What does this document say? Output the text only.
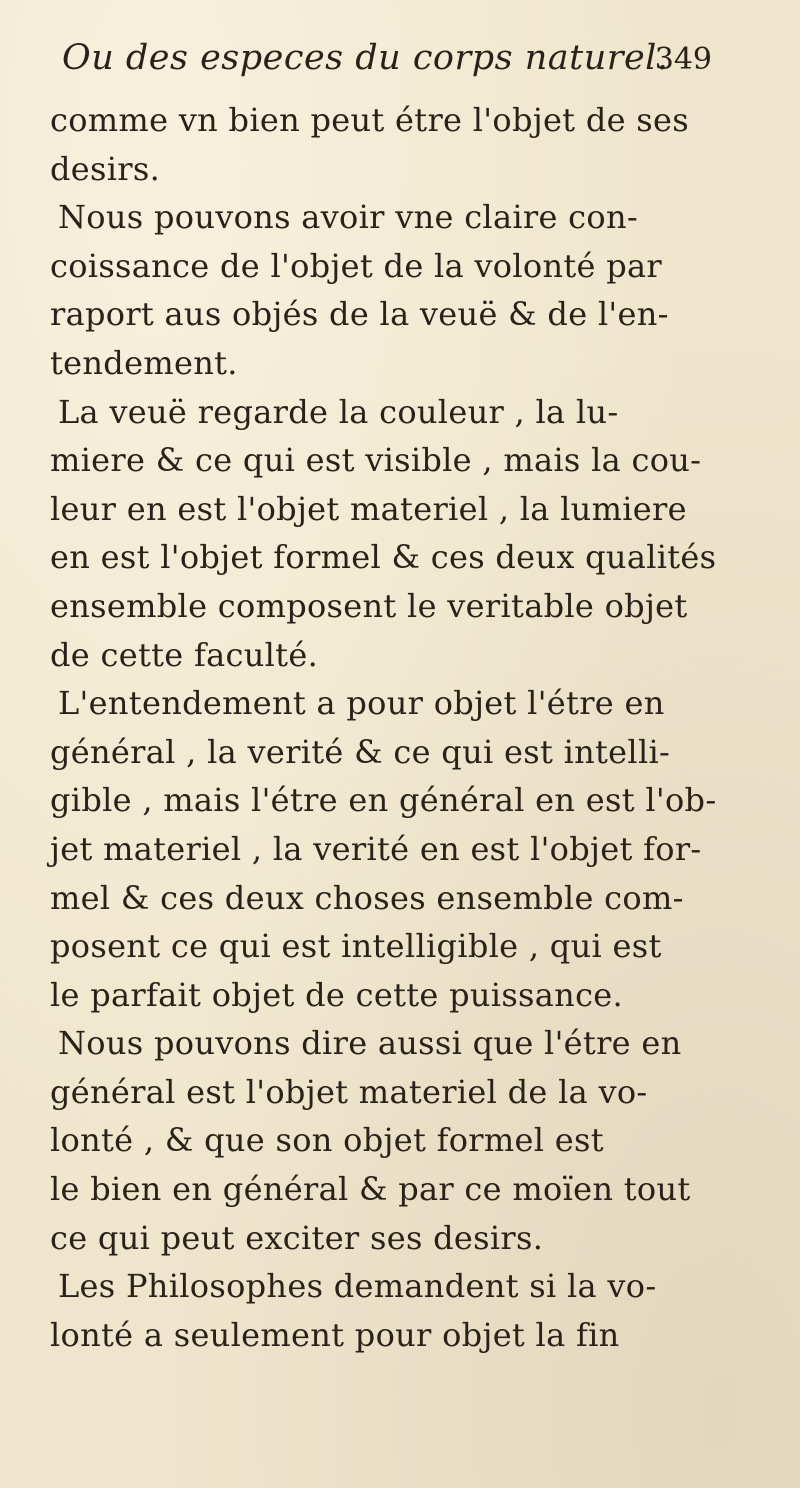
Ou des especes du corps naturel.
349
comme vn bien peut étre l'objet de ses
desirs.
Nous pouvons avoir vne claire con-
coissance de l'objet de la volonté par
raport aus objés de la veuë & de l'en-
tendement.
La veuë regarde la couleur , la lu-
miere & ce qui est visible , mais la cou-
leur en est l'objet materiel , la lumiere
en est l'objet formel & ces deux qualités
ensemble composent le veritable objet
de cette faculté.
L'entendement a pour objet l'étre en
général , la verité & ce qui est intelli-
gible , mais l'étre en général en est l'ob-
jet materiel , la verité en est l'objet for-
mel & ces deux choses ensemble com-
posent ce qui est intelligible , qui est
le parfait objet de cette puissance.
Nous pouvons dire aussi que l'étre en
général est l'objet materiel de la vo-
lonté , & que son objet formel est
le bien en général & par ce moïen tout
ce qui peut exciter ses desirs.
Les Philosophes demandent si la vo-
lonté a seulement pour objet la fin
